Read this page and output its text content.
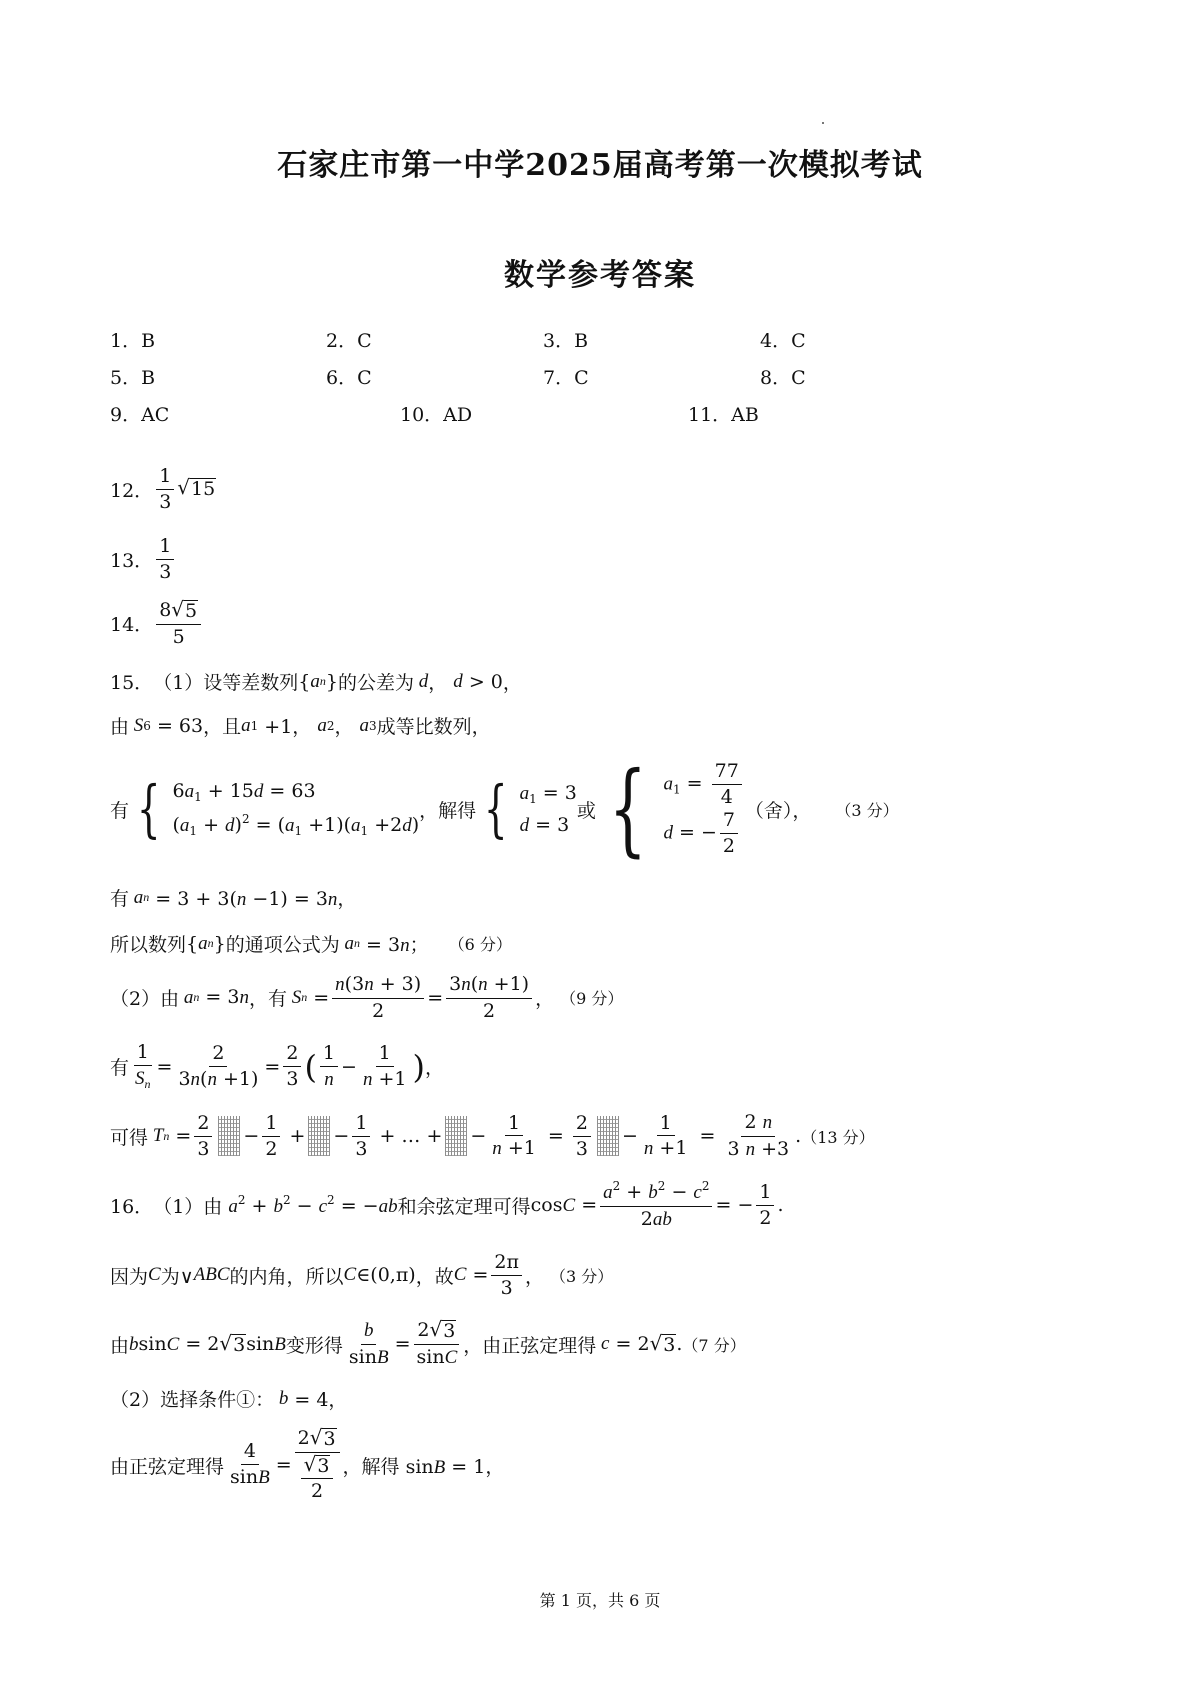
石家庄市第一中学2025届高考第一次模拟考试
数学参考答案
1．B	2．C	3．B	4．C
5．B	6．C	7．C	8．C
9．AC	10．AD	11．AB
12． $\frac{1}{3}$ √ 15
13． $\frac{1}{3}$
14． $\frac{8 √ 5}{5}$
15． （1）设等差数列 { a n } 的公差为 d ， d > 0 ，
由 S 6 = 63 ，且 a 1 +1， a 2 ， a 3 成等比数列，
有 { $6a_1 + 15d = 63$
$(a_1 + d)^2 = (a_1 +1)(a_1 +2d)$
，解得 { $a_1 = 3$
d = 3
或 { $a_1 = \frac{77}{4}$
d = − $\frac{7}{2}$ （舍）， （3 分）
有 a n = 3 + 3(n −1) = 3n，
所以数列 { a n } 的通项公式为 a n = 3n； （6 分）
（2）由 a n = 3n ，有 S $n = \frac{n(3n + 3)}{2} = \frac{3n(n +1)}{2}$ ， （9 分）
有 $\frac{1}{S_n} = \frac{2}{3n(n +1)} = \frac{2}{3}$ ( $\frac{1}{n} - \frac{1}{n +1}$ ) ，
可得 T $n = \frac{2}{3} - \frac{1}{2}$ + − $\frac{1}{3}$ + … + − $\frac{1}{n +1} = \frac{2}{3} - \frac{1}{n +1} = \frac{2 n}{3 n +3}$ . （13 分）
16． （1）由 $a^2 + b^2 - c^2 = -ab$ 和余弦定理可得 $\cos C = \frac{a^2 + b^2 - c^2}{2ab}$ = − $\frac{1}{2}$ .
因为 C 为∨ ABC 的内角，所以 C ∈(0,π) ，故 $C = \frac{2\pi}{3}$ ， （3 分）
由 bsinC = 2 √ 3 sinB 变形得 $\frac{b}{\sin B} = \frac{2 √ 3}{\sin C}$ ，由正弦定理得 c = 2 √ 3 . （7 分）
（2）选择条件①： b = 4，
由正弦定理得 $\frac{4}{\sin B} = \frac{2 √ 3}{\frac{√ 3}{2}}$ ，解得 sinB = 1，
第 1 页，共 6 页
